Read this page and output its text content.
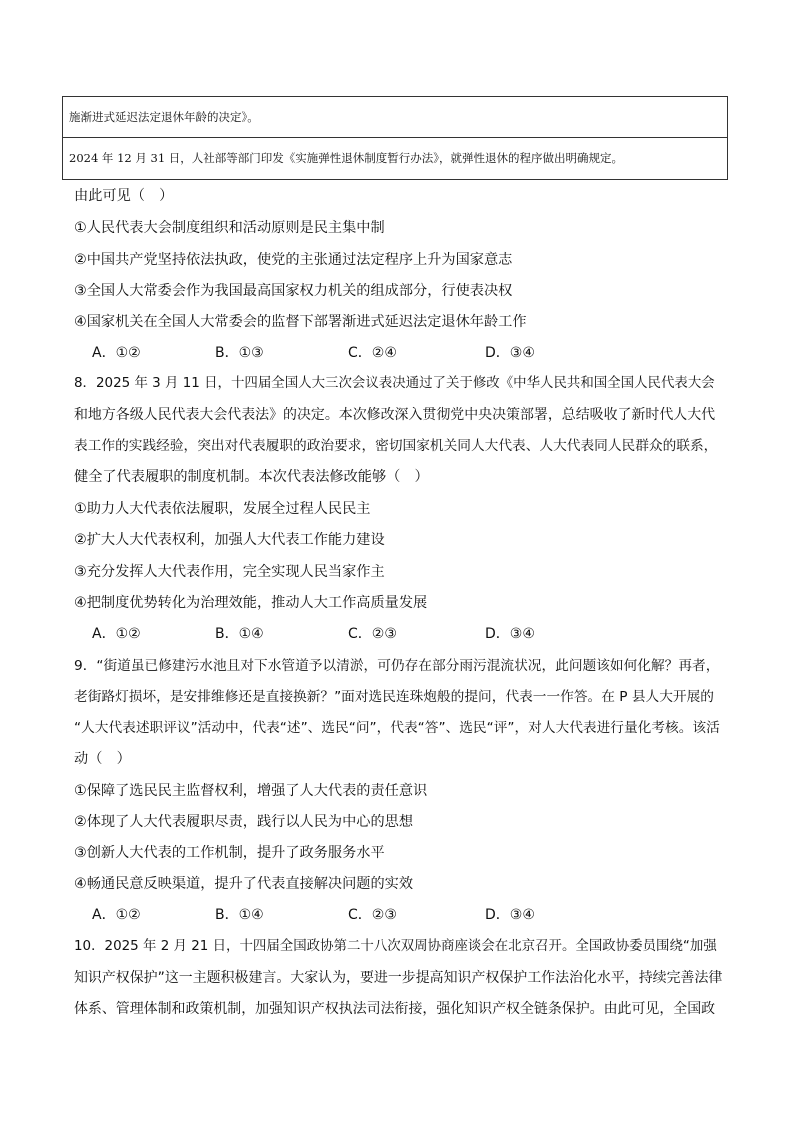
施渐进式延迟法定退休年龄的决定》。
2024 年 12 月 31 日，人社部等部门印发《实施弹性退休制度暂行办法》，就弹性退休的程序做出明确规定。
由此可见（　）
①人民代表大会制度组织和活动原则是民主集中制
②中国共产党坚持依法执政，使党的主张通过法定程序上升为国家意志
③全国人大常委会作为我国最高国家权力机关的组成部分，行使表决权
④国家机关在全国人大常委会的监督下部署渐进式延迟法定退休年龄工作
A．①②	B．①③	C．②④	D．③④
8．2025 年 3 月 11 日，十四届全国人大三次会议表决通过了关于修改《中华人民共和国全国人民代表大会
和地方各级人民代表大会代表法》的决定。本次修改深入贯彻党中央决策部署，总结吸收了新时代人大代
表工作的实践经验，突出对代表履职的政治要求，密切国家机关同人大代表、人大代表同人民群众的联系，
健全了代表履职的制度机制。本次代表法修改能够（　）
①助力人大代表依法履职，发展全过程人民民主
②扩大人大代表权利，加强人大代表工作能力建设
③充分发挥人大代表作用，完全实现人民当家作主
④把制度优势转化为治理效能，推动人大工作高质量发展
A．①②	B．①④	C．②③	D．③④
9．“街道虽已修建污水池且对下水管道予以清淤，可仍存在部分雨污混流状况，此问题该如何化解？再者，
老街路灯损坏，是安排维修还是直接换新？”面对选民连珠炮般的提问，代表一一作答。在 P 县人大开展的
“人大代表述职评议”活动中，代表“述”、选民“问”，代表“答”、选民“评”，对人大代表进行量化考核。该活
动（　）
①保障了选民民主监督权利，增强了人大代表的责任意识
②体现了人大代表履职尽责，践行以人民为中心的思想
③创新人大代表的工作机制，提升了政务服务水平
④畅通民意反映渠道，提升了代表直接解决问题的实效
A．①②	B．①④	C．②③	D．③④
10．2025 年 2 月 21 日，十四届全国政协第二十八次双周协商座谈会在北京召开。全国政协委员围绕“加强
知识产权保护”这一主题积极建言。大家认为，要进一步提高知识产权保护工作法治化水平，持续完善法律
体系、管理体制和政策机制，加强知识产权执法司法衔接，强化知识产权全链条保护。由此可见，全国政
